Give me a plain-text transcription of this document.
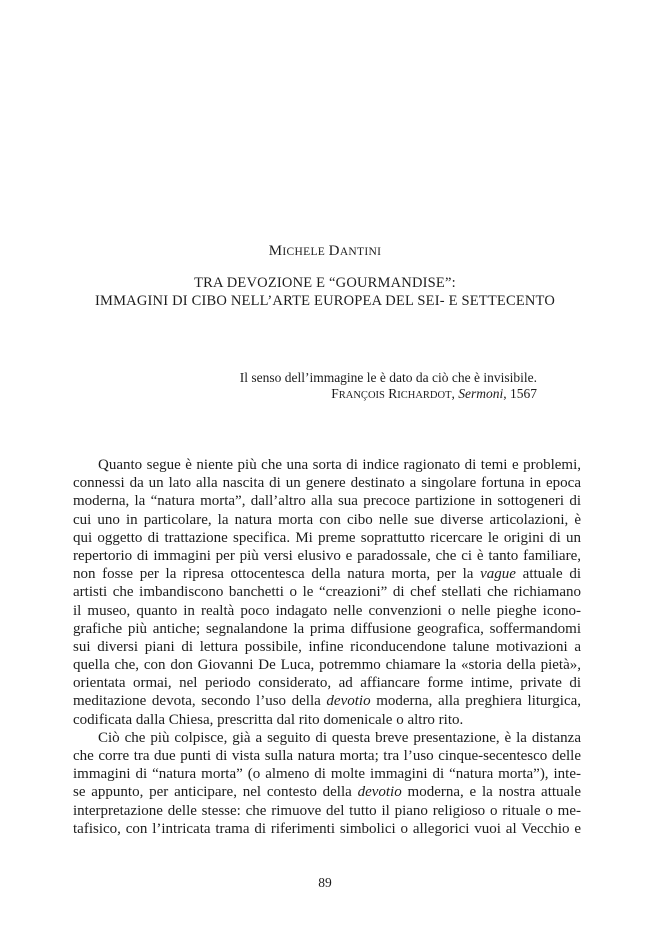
MICHELE DANTINI
TRA DEVOZIONE E “GOURMANDISE”:
IMMAGINI DI CIBO NELL’ARTE EUROPEA DEL SEI- E SETTECENTO
Il senso dell’immagine le è dato da ciò che è invisibile.
FRANÇOIS RICHARDOT, Sermoni, 1567
Quanto segue è niente più che una sorta di indice ragionato di temi e problemi,
connessi da un lato alla nascita di un genere destinato a singolare fortuna in epoca
moderna, la “natura morta”, dall’altro alla sua precoce partizione in sottogeneri di
cui uno in particolare, la natura morta con cibo nelle sue diverse articolazioni, è
qui oggetto di trattazione specifica. Mi preme soprattutto ricercare le origini di un
repertorio di immagini per più versi elusivo e paradossale, che ci è tanto familiare,
non fosse per la ripresa ottocentesca della natura morta, per la vague attuale di
artisti che imbandiscono banchetti o le “creazioni” di chef stellati che richiamano
il museo, quanto in realtà poco indagato nelle convenzioni o nelle pieghe icono-
grafiche più antiche; segnalandone la prima diffusione geografica, soffermandomi
sui diversi piani di lettura possibile, infine riconducendone talune motivazioni a
quella che, con don Giovanni De Luca, potremmo chiamare la «storia della pietà»,
orientata ormai, nel periodo considerato, ad affiancare forme intime, private di
meditazione devota, secondo l’uso della devotio moderna, alla preghiera liturgica,
codificata dalla Chiesa, prescritta dal rito domenicale o altro rito.
Ciò che più colpisce, già a seguito di questa breve presentazione, è la distanza
che corre tra due punti di vista sulla natura morta; tra l’uso cinque-secentesco delle
immagini di “natura morta” (o almeno di molte immagini di “natura morta”), inte-
se appunto, per anticipare, nel contesto della devotio moderna, e la nostra attuale
interpretazione delle stesse: che rimuove del tutto il piano religioso o rituale o me-
tafisico, con l’intricata trama di riferimenti simbolici o allegorici vuoi al Vecchio e
89
